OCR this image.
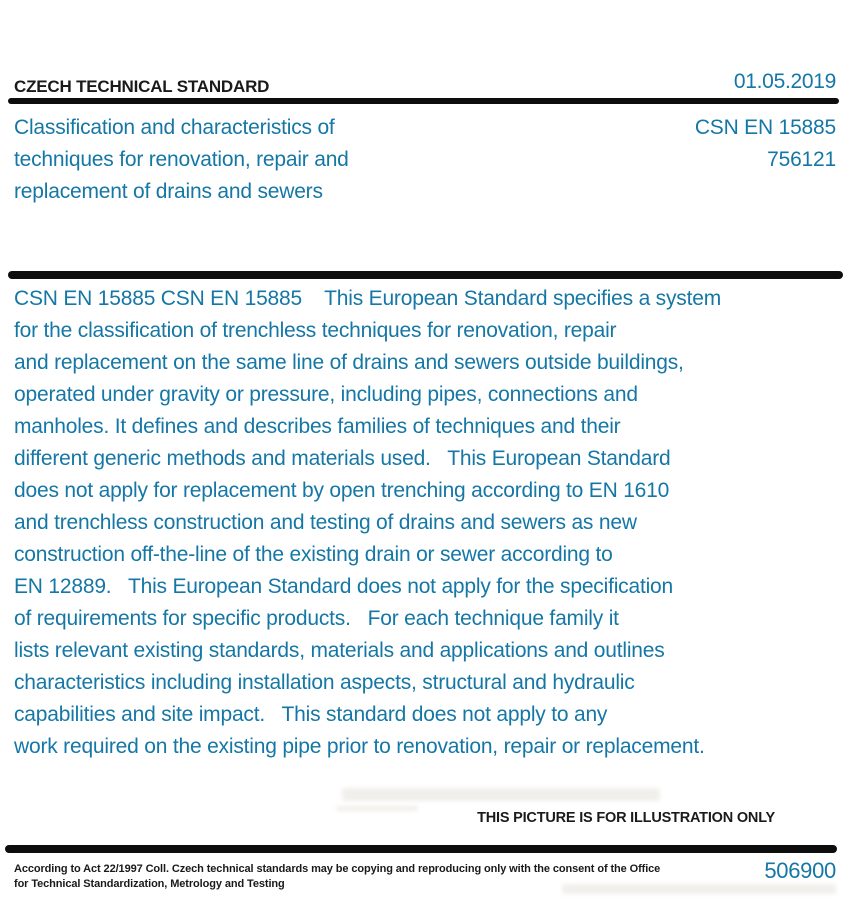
CZECH TECHNICAL STANDARD	01.05.2019
Classification and characteristics of
techniques for renovation, repair and
replacement of drains and sewers
CSN EN 15885
756121
CSN EN 15885 CSN EN 15885    This European Standard specifies a system
for the classification of trenchless techniques for renovation, repair
and replacement on the same line of drains and sewers outside buildings,
operated under gravity or pressure, including pipes, connections and
manholes. It defines and describes families of techniques and their
different generic methods and materials used.   This European Standard
does not apply for replacement by open trenching according to EN 1610
and trenchless construction and testing of drains and sewers as new
construction off-the-line of the existing drain or sewer according to
EN 12889.   This European Standard does not apply for the specification
of requirements for specific products.   For each technique family it
lists relevant existing standards, materials and applications and outlines
characteristics including installation aspects, structural and hydraulic
capabilities and site impact.   This standard does not apply to any
work required on the existing pipe prior to renovation, repair or replacement.
THIS PICTURE IS FOR ILLUSTRATION ONLY
According to Act 22/1997 Coll. Czech technical standards may be copying and reproducing only with the consent of the Office
for Technical Standardization, Metrology and Testing
506900
